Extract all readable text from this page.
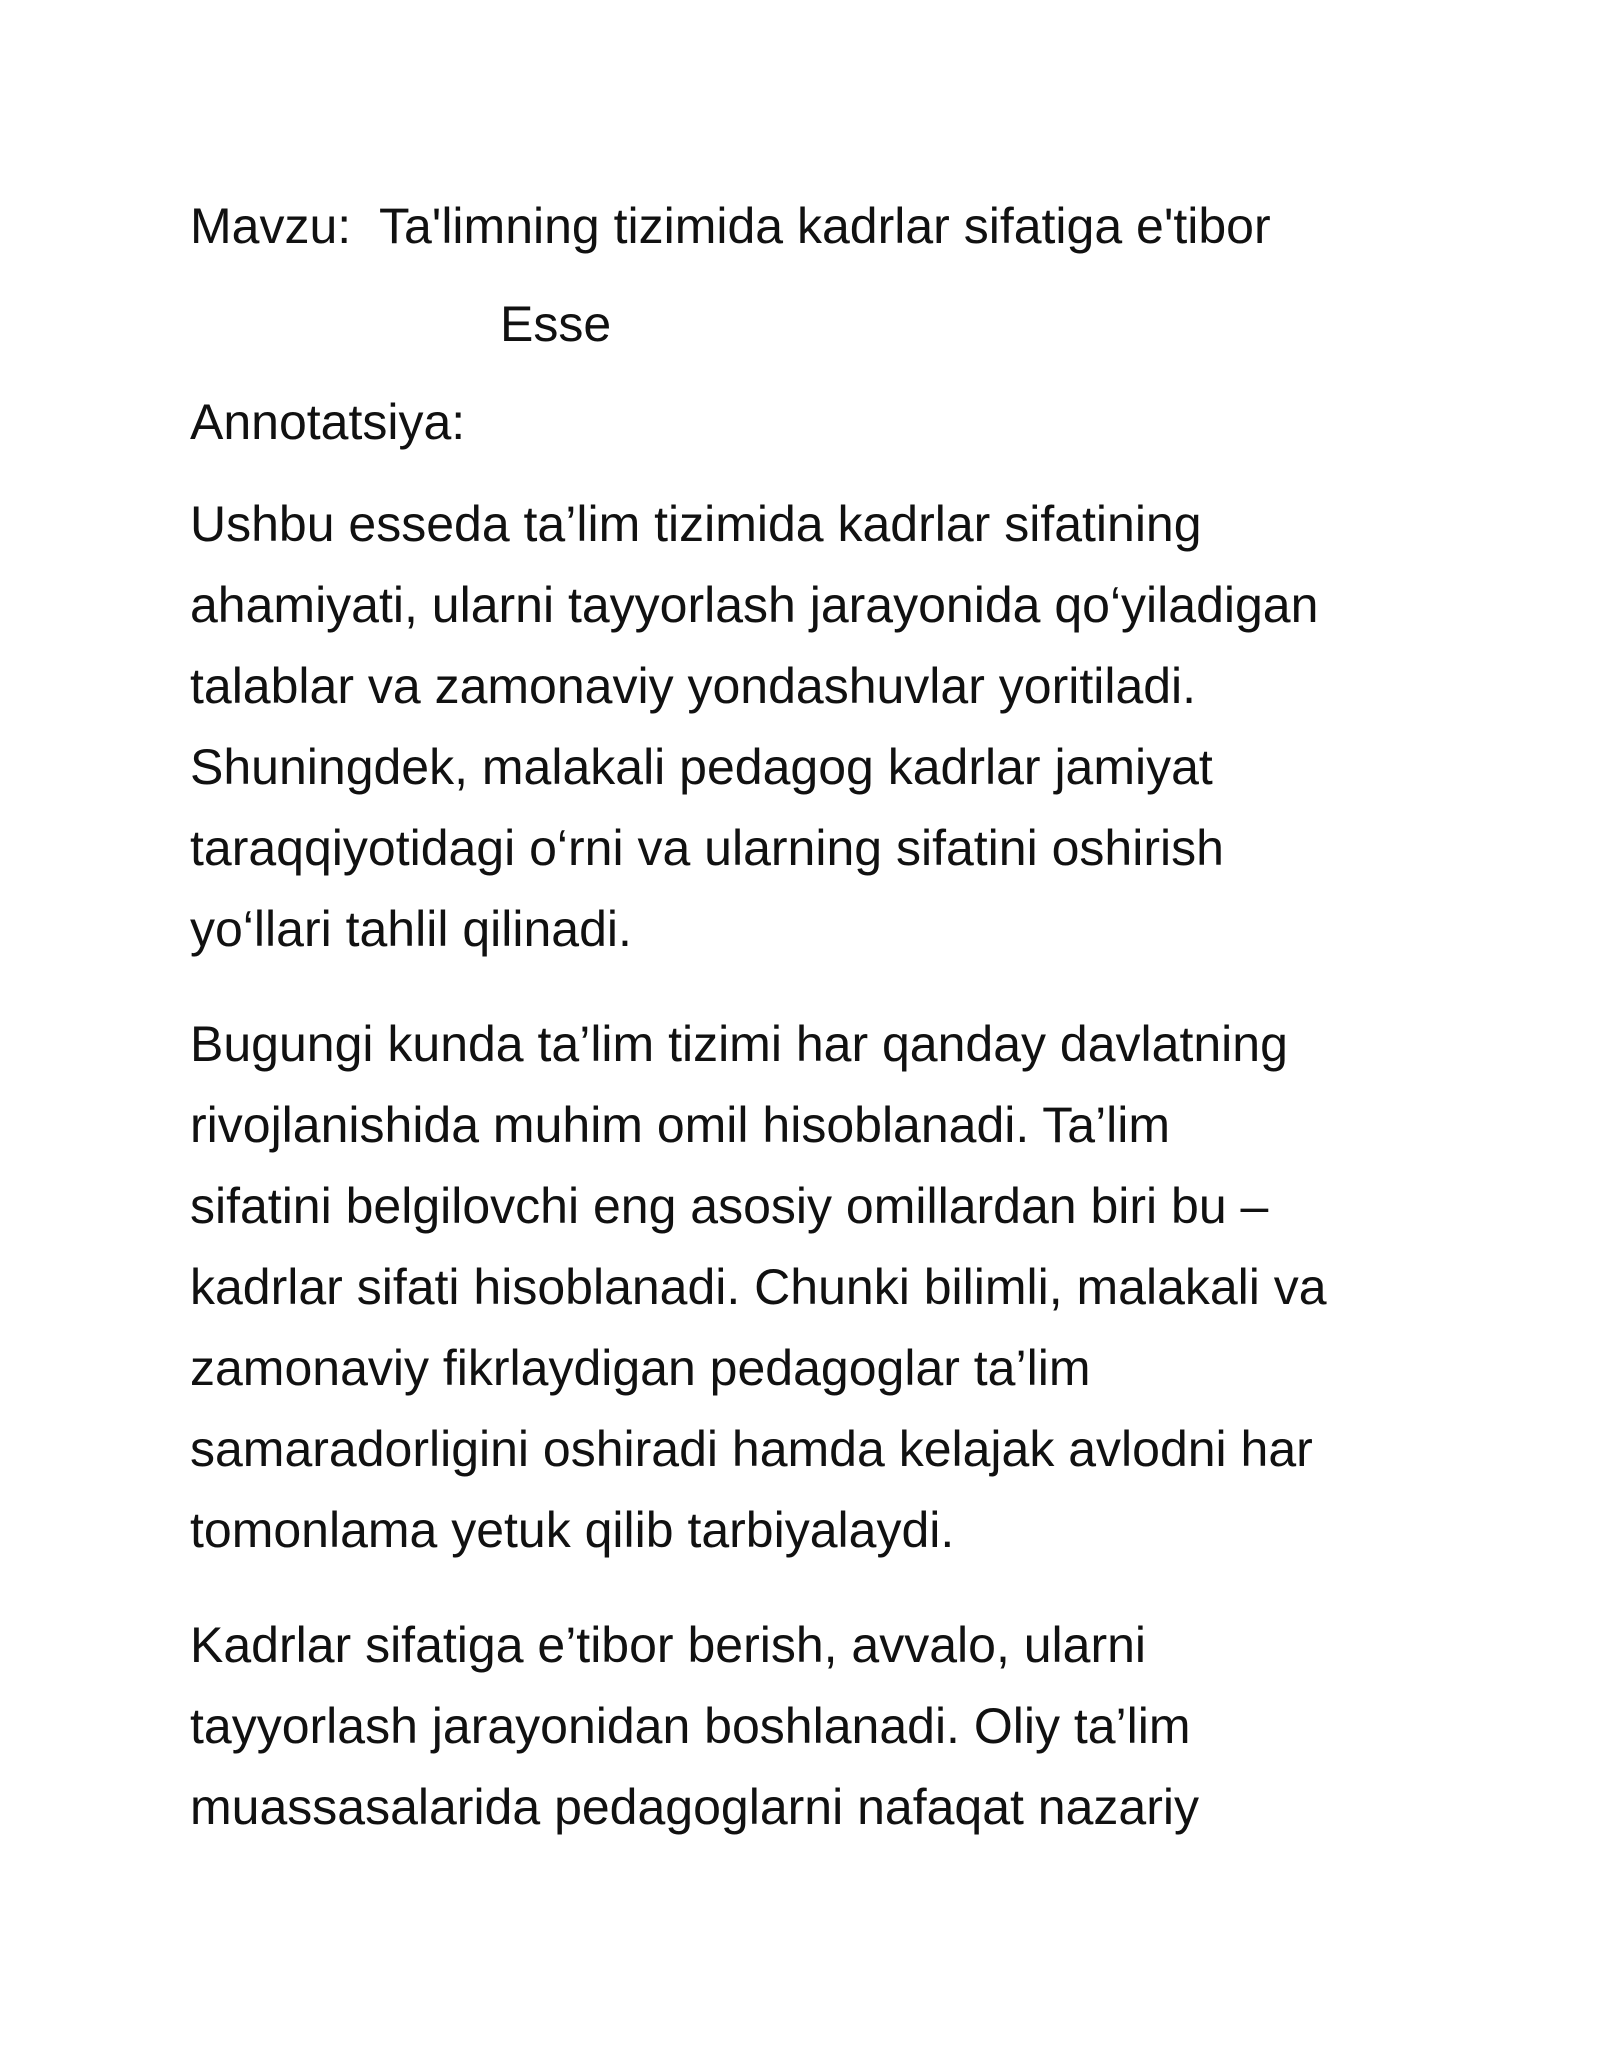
Mavzu: Ta'limning tizimida kadrlar sifatiga e'tibor
Esse
Annotatsiya:
Ushbu esseda ta’lim tizimida kadrlar sifatining
ahamiyati, ularni tayyorlash jarayonida qo‘yiladigan
talablar va zamonaviy yondashuvlar yoritiladi.
Shuningdek, malakali pedagog kadrlar jamiyat
taraqqiyotidagi o‘rni va ularning sifatini oshirish
yo‘llari tahlil qilinadi.
Bugungi kunda ta’lim tizimi har qanday davlatning
rivojlanishida muhim omil hisoblanadi. Ta’lim
sifatini belgilovchi eng asosiy omillardan biri bu –
kadrlar sifati hisoblanadi. Chunki bilimli, malakali va
zamonaviy fikrlaydigan pedagoglar ta’lim
samaradorligini oshiradi hamda kelajak avlodni har
tomonlama yetuk qilib tarbiyalaydi.
Kadrlar sifatiga e’tibor berish, avvalo, ularni
tayyorlash jarayonidan boshlanadi. Oliy ta’lim
muassasalarida pedagoglarni nafaqat nazariy
